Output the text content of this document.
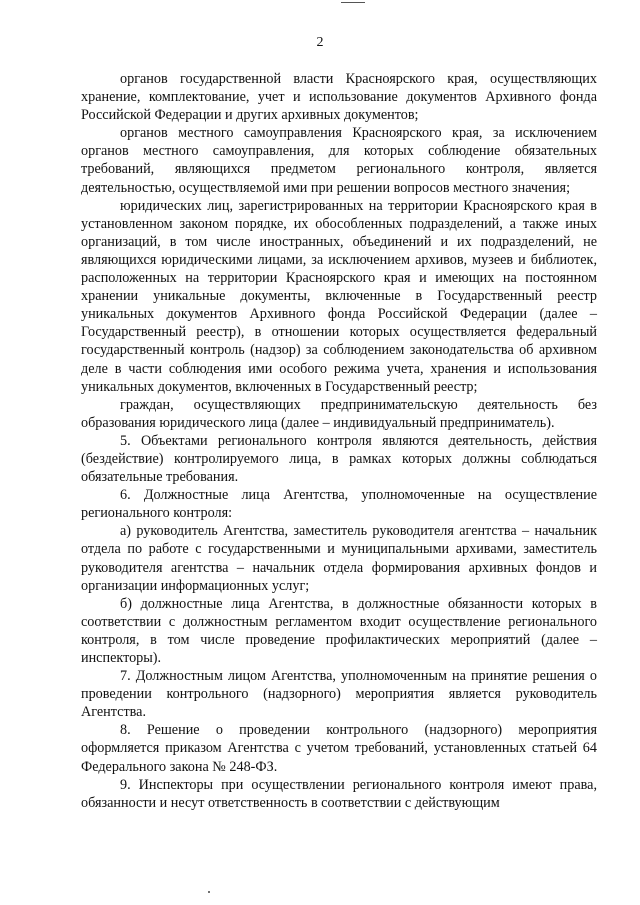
2

органов государственной власти Красноярского края, осуществляющих хранение, комплектование, учет и использование документов Архивного фонда Российской Федерации и других архивных документов;

органов местного самоуправления Красноярского края, за исключением органов местного самоуправления, для которых соблюдение обязательных требований, являющихся предметом регионального контроля, является деятельностью, осуществляемой ими при решении вопросов местного значения;

юридических лиц, зарегистрированных на территории Красноярского края в установленном законом порядке, их обособленных подразделений, а также иных организаций, в том числе иностранных, объединений и их подразделений, не являющихся юридическими лицами, за исключением архивов, музеев и библиотек, расположенных на территории Красноярского края и имеющих на постоянном хранении уникальные документы, включенные в Государственный реестр уникальных документов Архивного фонда Российской Федерации (далее – Государственный реестр), в отношении которых осуществляется федеральный государственный контроль (надзор) за соблюдением законодательства об архивном деле в части соблюдения ими особого режима учета, хранения и использования уникальных документов, включенных в Государственный реестр;

граждан, осуществляющих предпринимательскую деятельность без образования юридического лица (далее – индивидуальный предприниматель).

5. Объектами регионального контроля являются деятельность, действия (бездействие) контролируемого лица, в рамках которых должны соблюдаться обязательные требования.

6. Должностные лица Агентства, уполномоченные на осуществление регионального контроля:

а) руководитель Агентства, заместитель руководителя агентства – начальник отдела по работе с государственными и муниципальными архивами, заместитель руководителя агентства – начальник отдела формирования архивных фондов и организации информационных услуг;

б) должностные лица Агентства, в должностные обязанности которых в соответствии с должностным регламентом входит осуществление регионального контроля, в том числе проведение профилактических мероприятий (далее – инспекторы).

7. Должностным лицом Агентства, уполномоченным на принятие решения о проведении контрольного (надзорного) мероприятия является руководитель Агентства.

8. Решение о проведении контрольного (надзорного) мероприятия оформляется приказом Агентства с учетом требований, установленных статьей 64 Федерального закона № 248-ФЗ.

9. Инспекторы при осуществлении регионального контроля имеют права, обязанности и несут ответственность в соответствии с действующим
